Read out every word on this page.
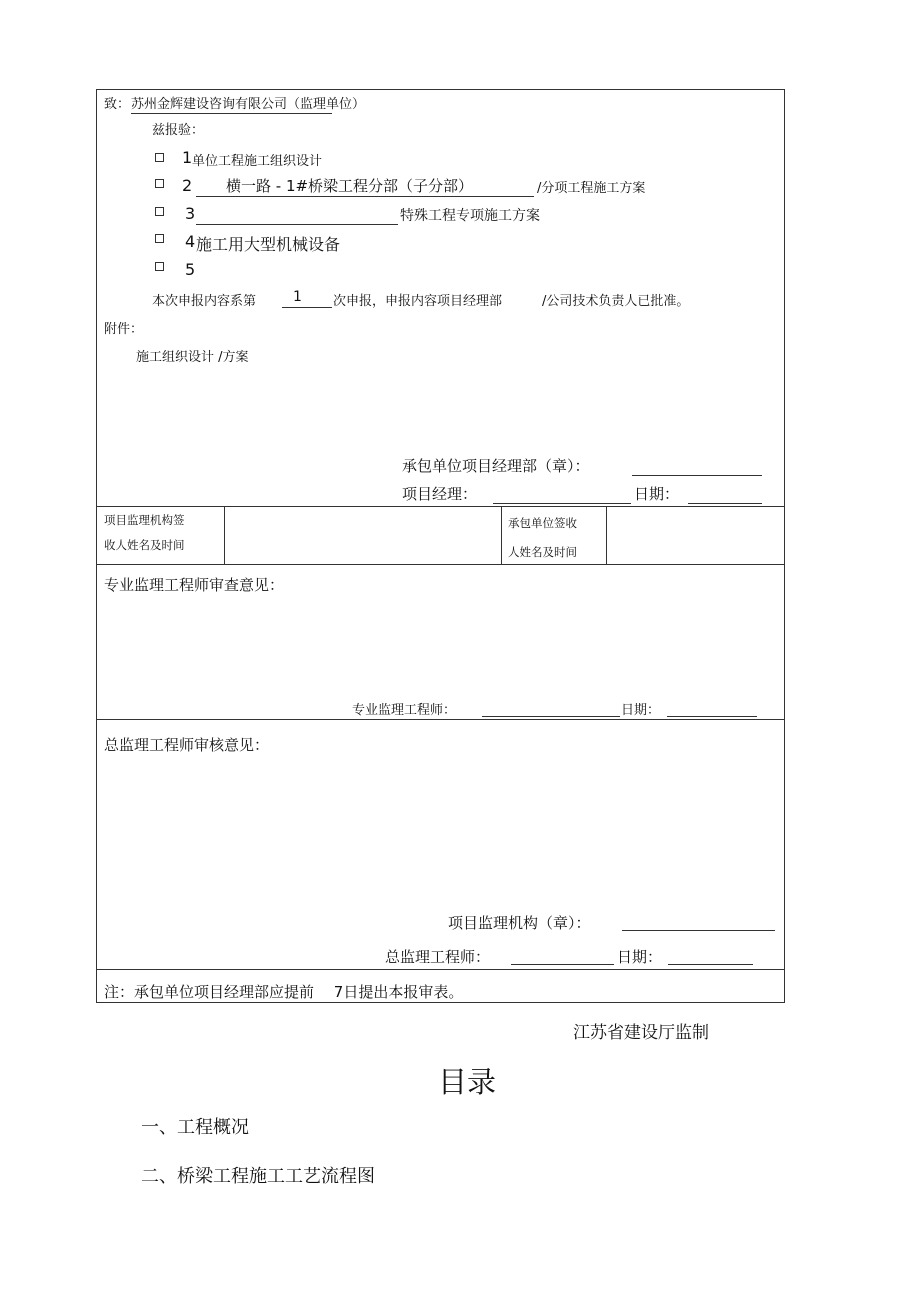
致： 苏州金辉建设咨询有限公司（监理单位）
兹报验：
1 单位工程施工组织设计
2 横一路 - 1#桥梁工程分部（子分部）	/分项工程施工方案
3	特殊工程专项施工方案
4 施工用大型机械设备
5
本次申报内容系第	1 次申报，申报内容项目经理部	/公司技术负责人已批准。
附件：
施工组织设计 /方案
承包单位项目经理部（章）：
项目经理：	日期：
项目监理机构签
收人姓名及时间
承包单位签收
人姓名及时间
专业监理工程师审查意见：
专业监理工程师：	日期：
总监理工程师审核意见：
项目监理机构（章）：
总监理工程师：	日期：
注：承包单位项目经理部应提前　 7日提出本报审表。
江苏省建设厅监制
目录
一、工程概况
二、桥梁工程施工工艺流程图
